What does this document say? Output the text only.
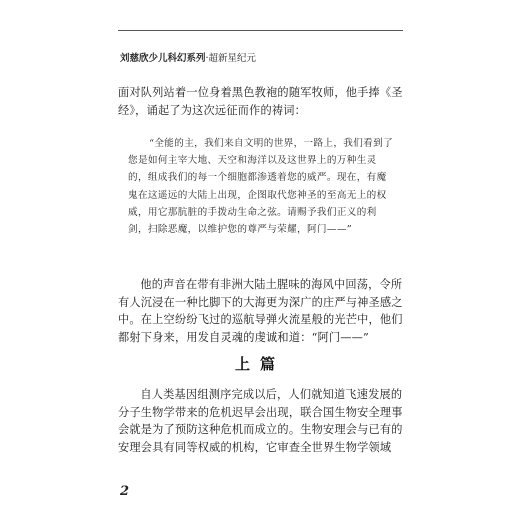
刘慈欣少儿科幻系列·超新星纪元

面对队列站着一位身着黑色教袍的随军牧师，他手捧《圣经》，诵起了为这次远征而作的祷词：

“全能的主，我们来自文明的世界，一路上，我们看到了您是如何主宰大地、天空和海洋以及这世界上的万种生灵的，组成我们的每一个细胞都渗透着您的威严。现在，有魔鬼在这遥远的大陆上出现，企图取代您神圣的至高无上的权威，用它那肮脏的手拨动生命之弦。请赐予我们正义的利剑，扫除恶魔，以维护您的尊严与荣耀，阿门——”

他的声音在带有非洲大陆土腥味的海风中回荡，令所有人沉浸在一种比脚下的大海更为深广的庄严与神圣感之中。在上空纷纷飞过的巡航导弹火流星般的光芒中，他们都射下身来，用发自灵魂的虔诚和道：“阿门——”

上篇

自人类基因组测序完成以后，人们就知道飞速发展的分子生物学带来的危机迟早会出现，联合国生物安全理事会就是为了预防这种危机而成立的。生物安理会与已有的安理会具有同等权威的机构，它审查全世界生物学领域

2
